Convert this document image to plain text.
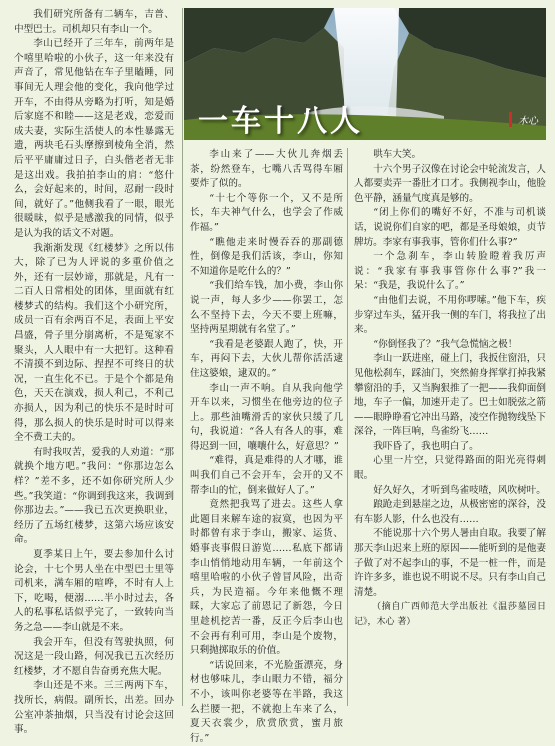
我们研究所备有二辆车，吉普、中型巴士。司机却只有李山一个。

李山已经开了三年车，前两年是个嘻里哈啦的小伙子，这一年来没有声音了，常见他钻在车子里瞌睡，同事间无人理会他的变化，我向他学过开车，不由得从旁略为打听，知是婚后家庭不和睦——这是老戏，恋爱而成夫妻，实际生活使人的本性暴露无遗，两块毛石头摩擦到棱角全消，然后平平庸庸过日子，白头偕老者无非是这出戏。我拍拍李山的肩：“悠什么，会好起来的，时间，忍耐一段时间，就好了。”他侧我看了一眼，眼光很暖昧，似乎是感激我的同情，似乎是认为我的话文不对题。

我渐渐发现《红楼梦》之所以伟大，除了已为人评说的多重价值之外，还有一层妙谛，那就是，凡有一二百人日常相处的团体，里面就有红楼梦式的结构。我们这个小研究所，成员一百有余两百不足，表面上平安昌盛，骨子里分崩离析，不是冤家不聚头，人人眼中有一大把钉。这种看不清摸不到边际、捏捏不可终日的状况，一直生化不已。于是个个都是角色，天天在演戏，损人利己，不利己亦损人，因为利己的快乐不是时时可得，那么损人的快乐是时时可以得来全不费工夫的。

有时我叹苦，爱我的人劝道：“那就换个地方吧。”我问：“你那边怎么样？”差不多，还不如你研究所人少些。”我笑道：“你调到我这来，我调到你那边去。”——我已五次更换职业，经历了五场红楼梦，这第六场应该安命。

夏季某日上午，要去参加什么讨论会，十七个男人坐在中型巴士里等司机来，满车厢的喧哗，不时有人上下，吃喝，便溺……半小时过去，各人的私事私话似乎完了，一致转向当务之急——李山就是不来。

我会开车，但没有驾驶执照，何况这是一段山路，何况我已五次经历红楼梦，才不愿自告奋勇充焦大呢。

李山还是不来。三三两两下车，找所长，病假。副所长，出差。回办公室冲茶抽烟，只当没有讨论会这回事。

一车十八人	木心

李山来了——大伙儿奔烟丢茶，纷然登车，七嘴八舌骂得车厢要炸了似的。

“十七个等你一个，又不是所长，车夫神气什么，也学会了作威作福。”

“瞧他走来时慢吞吞的那副德性，倒像是我们活该，李山，你知不知道你是吃什么的？”

“我们给车钱，加小费，李山你说一声，每人多少——你罢工，怎么不坚持下去，今天不要上班嘛，坚持两星期就有名堂了。”

“我看是老婆跟人跑了，快，开车，再闷下去，大伙儿帮你活活逮住这婆娘，逮双的。”

李山一声不响。自从我向他学开车以来，习惯坐在他旁边的位子上。那些油嘴滑舌的家伙只缓了几句，我说道：“各人有各人的事，难得迟到一回，嚷嚷什么，好意思？”

“难得，真是难得的人才哪，谁叫我们自己不会开车，会开的又不帮李山的忙，倒来做好人了。”

竟然把我骂了进去。这些人拿此题目来解车途的寂寞，也因为平时都曾有求于李山，搬家、运货、婚事丧事假日游览……私底下都请李山悄悄地动用车辆，一年前这个嘻里哈啦的小伙子曾冒风险，出奇兵，为民造福。今年来他慨不理睬，大家忘了前恩记了新怨，今日里趁机挖苦一番，反正今后李山也不会再有利可用，李山是个废物，只剩抛掷取乐的价值。

“话说回来，不光脸蛋漂亮，身材也够味儿，李山眼力不错，福分不小，该叫你老婆等在半路，我这么拦腰一把，不就抱上车来了么，夏天衣裳少，欣赏欣赏，蜜月旅行。”

哄车大笑。

十六个男子汉像在讨论会中轮流发言，人人都要卖弄一番肚才口才。我侧视李山，他脸色平静，涵量气度真是够的。

“闭上你们的嘴好不好，不准与司机谈话，说说你们自家的吧，都是圣母娘娘，贞节牌坊。李家有事我事，管你们什么事?”

一个急刹车，李山转脸瞪着我厉声说：“我家有事我事管你什么事?”我一呆：“我是，我说什么了。”

“由他们去说，不用你啰嗦。”他下车，疾步穿过车头，猛开我一侧的车门，将我拉了出来。

“你倒怪我了？”我气急慌恼之极！

李山一跃进座，碰上门，我扳住窗沿，只见他松刹车，踩油门，突然俯身挥掌打掉我紧攀窗沿的手，又当胸狠推了一把——我仰面倒地，车子一偏，加速开走了。巴士如脱弦之箭——眼睁睁看它冲出马路，凌空作抛物线坠下深谷，一阵巨响，鸟雀纷飞……

我吓昏了，我也明白了。

心里一片空，只觉得路面的阳光亮得刺眼。

好久好久，才听到鸟雀吱喳，风吹树叶。

踉跄走到悬崖之边，从极密密的深谷，没有车影人影，什么也没有……

不能说那十六个男人暑由自取。我要了解那天李山迟来上班的原因——能听到的是他妻子做了对不起李山的事，不是一桩一件，而是许许多多，谁也说不明说不尽。只有李山自己清楚。

（摘自广西师范大学出版社《温莎墓园日记》，木心 著）
